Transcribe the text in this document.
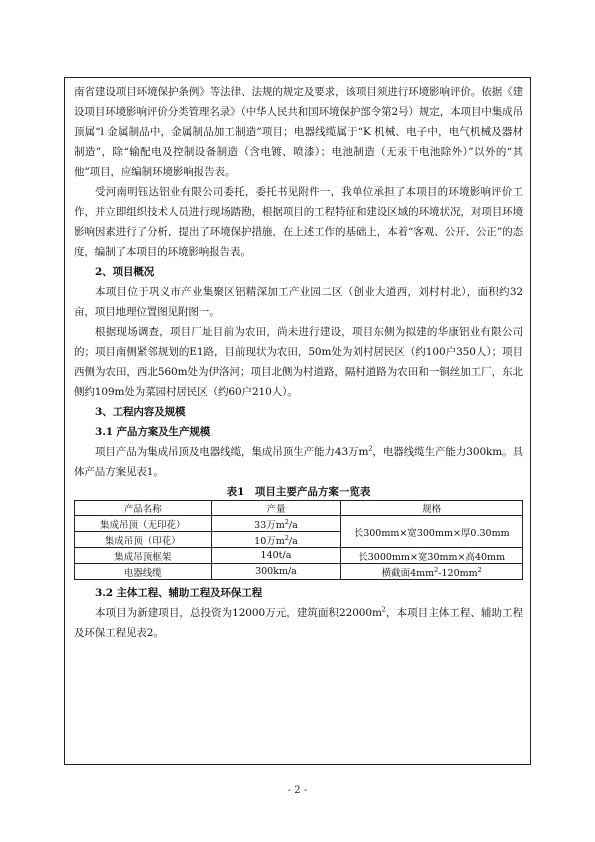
南省建设项目环境保护条例》等法律、法规的规定及要求，该项目须进行环境影响评价。依据《建设项目环境影响评价分类管理名录》（中华人民共和国环境保护部令第2号）规定，本项目中集成吊顶属“l 金属制品中，金属制品加工制造”项目；电器线缆属于“K 机械、电子中，电气机械及器材制造”，除“输配电及控制设备制造（含电镀、喷漆）；电池制造（无汞干电池除外）”以外的“其他”项目，应编制环境影响报告表。

受河南明钰达铝业有限公司委托，委托书见附件一，我单位承担了本项目的环境影响评价工作，并立即组织技术人员进行现场踏勘，根据项目的工程特征和建设区域的环境状况，对项目环境影响因素进行了分析，提出了环境保护措施，在上述工作的基础上，本着“客观、公开、公正”的态度，编制了本项目的环境影响报告表。

2、项目概况

本项目位于巩义市产业集聚区铝精深加工产业园二区（创业大道西，刘村村北），面积约32亩，项目地理位置图见附图一。

根据现场调查，项目厂址目前为农田，尚未进行建设，项目东侧为拟建的华康铝业有限公司的；项目南侧紧邻规划的E1路，目前现状为农田，50m处为刘村居民区（约100户350人）；项目西侧为农田，西北560m处为伊洛河；项目北侧为村道路，隔村道路为农田和一铜丝加工厂，东北侧约109m处为菜园村居民区（约60户210人）。

3、工程内容及规模

3.1 产品方案及生产规模

项目产品为集成吊顶及电器线缆，集成吊顶生产能力43万$m^2$，电器线缆生产能力300km。具体产品方案见表1。

表1　项目主要产品方案一览表
产品名称	产量	规格
集成吊顶（无印花）	33万$m^2/a$	长300mm×宽300mm×厚0.30mm
集成吊顶（印花）	10万$m^2/a$	
集成吊顶框架	140t/a	长3000mm×宽30mm×高40mm
电器线缆	300km/a	横截面$4mm^2-120mm^2$

3.2 主体工程、辅助工程及环保工程

本项目为新建项目，总投资为12000万元，建筑面积$22000m^2$，本项目主体工程、辅助工程及环保工程见表2。

- 2 -
